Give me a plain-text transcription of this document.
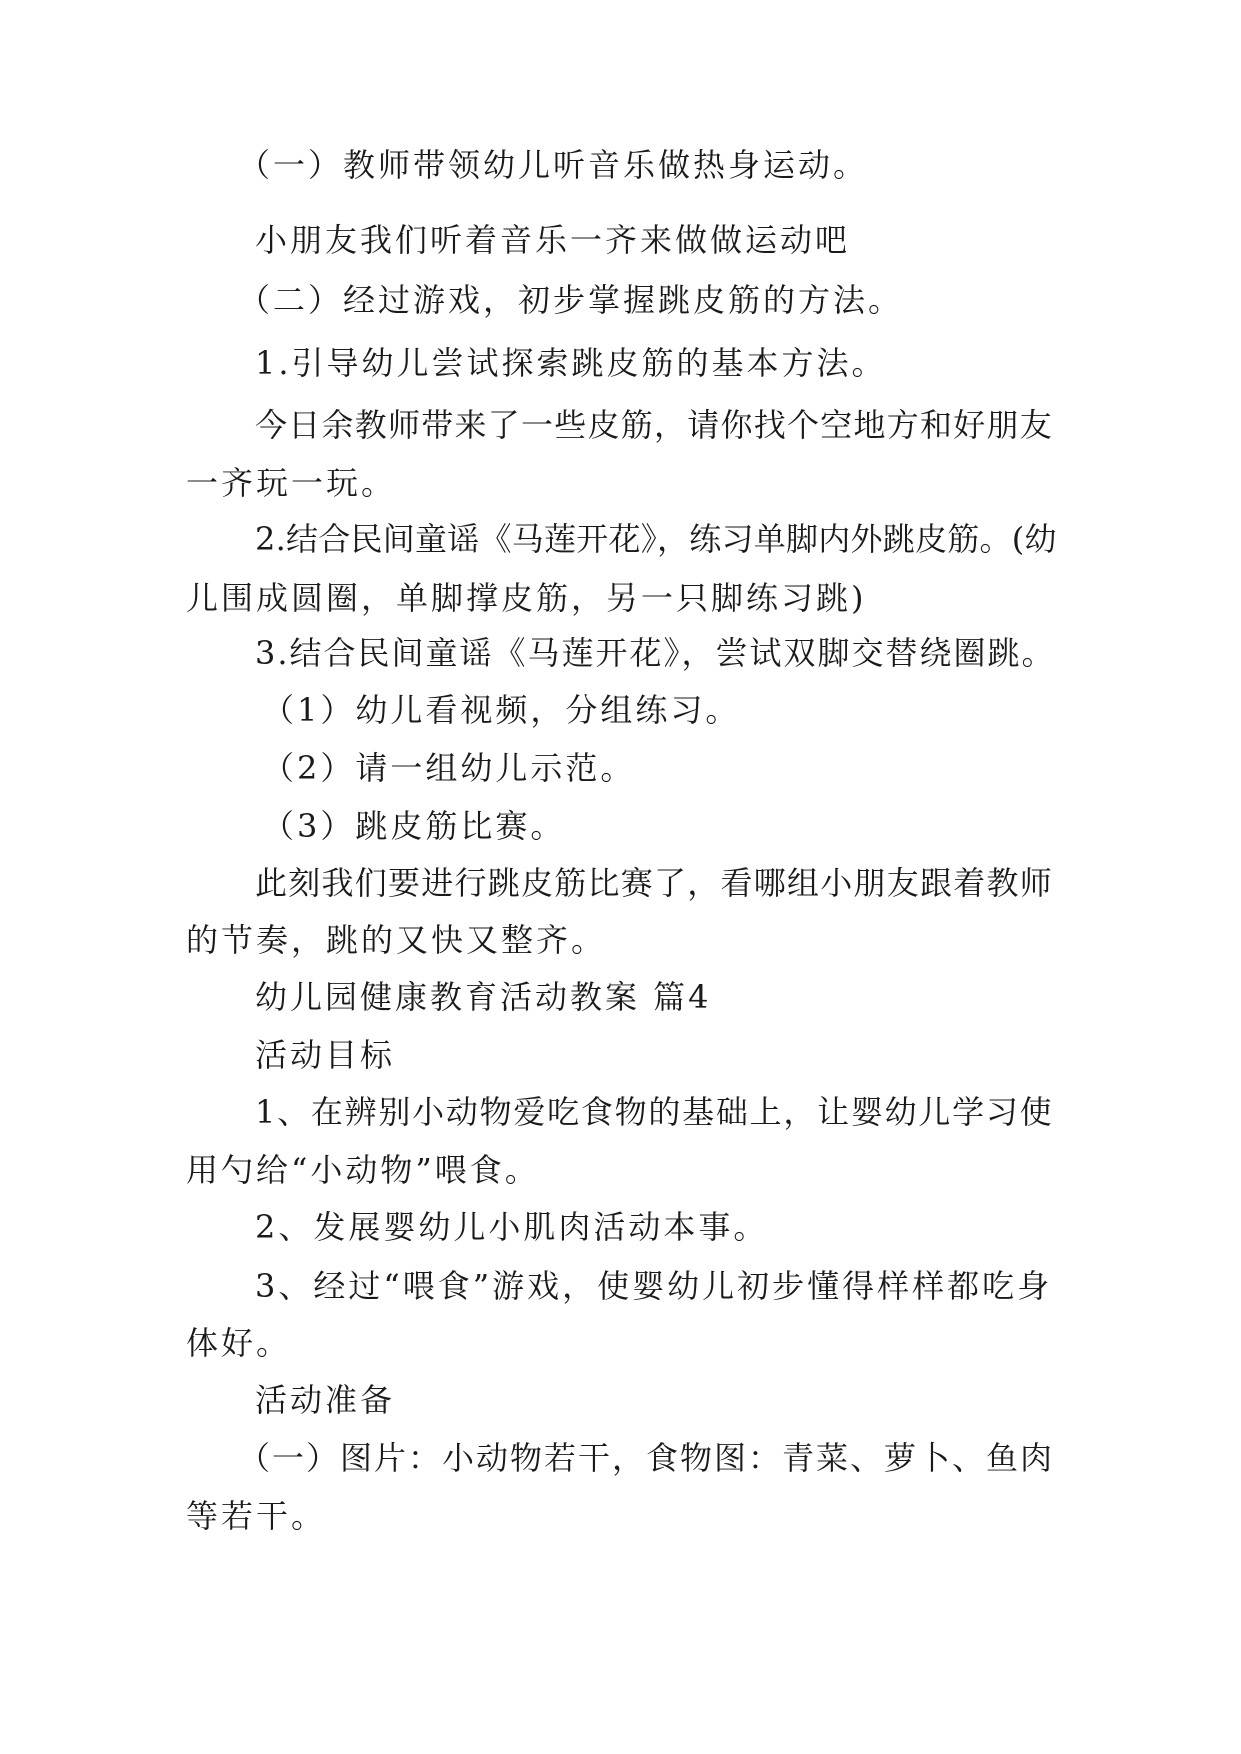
（一）教师带领幼儿听音乐做热身运动。
小朋友我们听着音乐一齐来做做运动吧
（二）经过游戏，初步掌握跳皮筋的方法。
1.引导幼儿尝试探索跳皮筋的基本方法。
今日余教师带来了一些皮筋，请你找个空地方和好朋友
一齐玩一玩。
2.结合民间童谣《马莲开花》，练习单脚内外跳皮筋。(幼
儿围成圆圈，单脚撑皮筋，另一只脚练习跳)
3.结合民间童谣《马莲开花》，尝试双脚交替绕圈跳。
（1）幼儿看视频，分组练习。
（2）请一组幼儿示范。
（3）跳皮筋比赛。
此刻我们要进行跳皮筋比赛了，看哪组小朋友跟着教师
的节奏，跳的又快又整齐。
幼儿园健康教育活动教案 篇4
活动目标
1、在辨别小动物爱吃食物的基础上，让婴幼儿学习使
用勺给“小动物”喂食。
2、发展婴幼儿小肌肉活动本事。
3、经过“喂食”游戏，使婴幼儿初步懂得样样都吃身
体好。
活动准备
（一）图片：小动物若干，食物图：青菜、萝卜、鱼肉
等若干。
